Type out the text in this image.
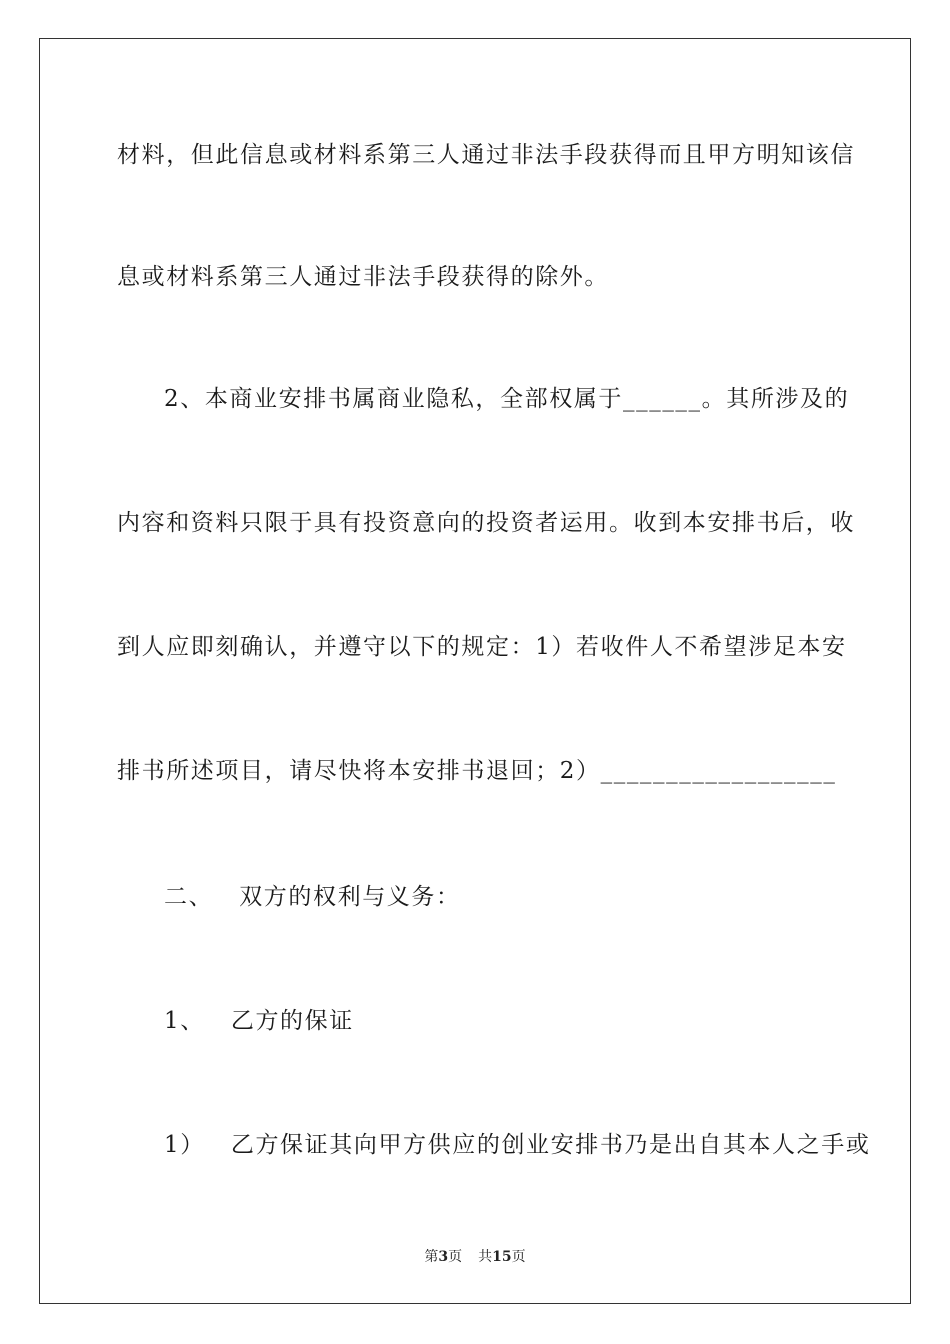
材料，但此信息或材料系第三人通过非法手段获得而且甲方明知该信
息或材料系第三人通过非法手段获得的除外。
2、本商业安排书属商业隐私，全部权属于______。其所涉及的
内容和资料只限于具有投资意向的投资者运用。收到本安排书后，收
到人应即刻确认，并遵守以下的规定：1）若收件人不希望涉足本安
排书所述项目，请尽快将本安排书退回；2）__________________
二、 双方的权利与义务：
1、 乙方的保证
1） 乙方保证其向甲方供应的创业安排书乃是出自其本人之手或
第3页 共15页
